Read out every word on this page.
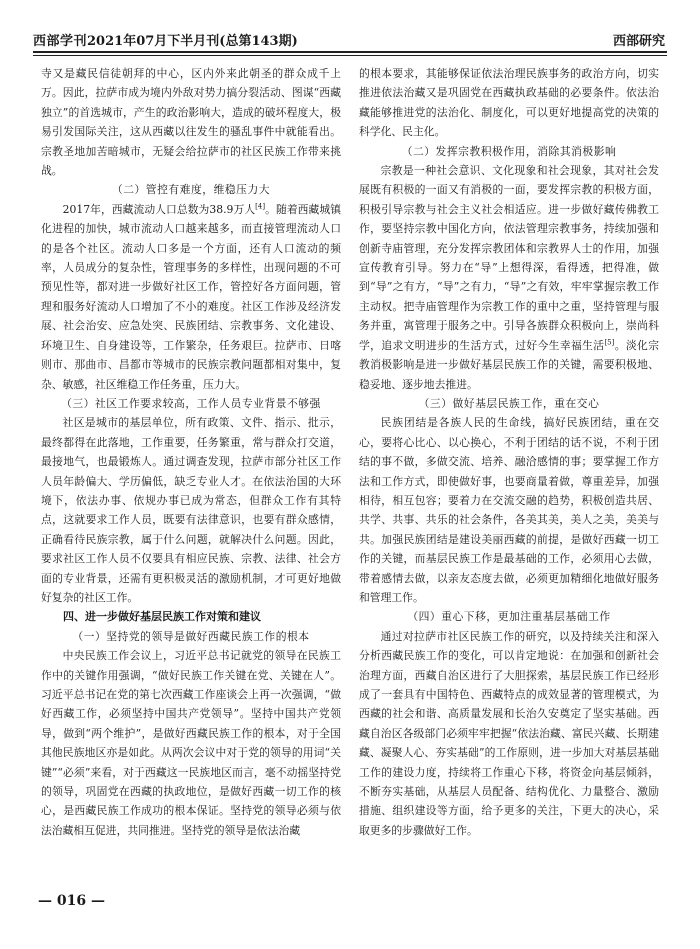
西部学刊2021年07月下半月刊(总第143期)	西部研究

寺又是藏民信徒朝拜的中心，区内外来此朝圣的群众成千上万。因此，拉萨市成为境内外敌对势力搞分裂活动、图谋“西藏独立”的首选城市，产生的政治影响大，造成的破坏程度大，极易引发国际关注，这从西藏以往发生的骚乱事件中就能看出。宗教圣地加苦暗城市，无疑会给拉萨市的社区民族工作带来挑战。

（二）管控有难度，维稳压力大

2017年，西藏流动人口总数为38.9万人[4]。随着西藏城镇化进程的加快，城市流动人口越来越多，而直接管理流动人口的是各个社区。流动人口多是一个方面，还有人口流动的频率，人员成分的复杂性，管理事务的多样性，出现问题的不可预见性等，都对进一步做好社区工作，管控好各方面问题，管理和服务好流动人口增加了不小的难度。社区工作涉及经济发展、社会治安、应急处突、民族团结、宗教事务、文化建设、环境卫生、自身建设等，工作繁杂，任务艰巨。拉萨市、日喀则市、那曲市、昌都市等城市的民族宗教问题都相对集中，复杂、敏感，社区维稳工作任务重，压力大。

（三）社区工作要求较高，工作人员专业背景不够强

社区是城市的基层单位，所有政策、文件、指示、批示，最终都得在此落地，工作重要，任务繁重，常与群众打交道，最接地气，也最锻炼人。通过调查发现，拉萨市部分社区工作人员年龄偏大、学历偏低，缺乏专业人才。在依法治国的大环境下，依法办事、依规办事已成为常态，但群众工作有其特点，这就要求工作人员，既要有法律意识，也要有群众感情，正确看待民族宗教，属于什么问题，就解决什么问题。因此，要求社区工作人员不仅要具有相应民族、宗教、法律、社会方面的专业背景，还需有更积极灵活的激励机制，才可更好地做好复杂的社区工作。

四、进一步做好基层民族工作对策和建议
（一）坚持党的领导是做好西藏民族工作的根本

中央民族工作会议上，习近平总书记就党的领导在民族工作中的关键作用强调，“做好民族工作关键在党、关键在人”。习近平总书记在党的第七次西藏工作座谈会上再一次强调，“做好西藏工作，必须坚持中国共产党领导”。坚持中国共产党领导，做到“两个维护”，是做好西藏民族工作的根本，对于全国其他民族地区亦是如此。从两次会议中对于党的领导的用词“关键”“必须”来看，对于西藏这一民族地区而言，毫不动摇坚持党的领导，巩固党在西藏的执政地位，是做好西藏一切工作的核心，是西藏民族工作成功的根本保证。坚持党的领导必须与依法治藏相互促进，共同推进。坚持党的领导是依法治藏

的根本要求，其能够保证依法治理民族事务的政治方向，切实推进依法治藏又是巩固党在西藏执政基础的必要条件。依法治藏能够推进党的法治化、制度化，可以更好地提高党的决策的科学化、民主化。

（二）发挥宗教积极作用，消除其消极影响

宗教是一种社会意识、文化现象和社会现象，其对社会发展既有积极的一面又有消极的一面，要发挥宗教的积极方面，积极引导宗教与社会主义社会相适应。进一步做好藏传佛教工作，要坚持宗教中国化方向，依法管理宗教事务，持续加强和创新寺庙管理，充分发挥宗教团体和宗教界人士的作用，加强宣传教育引导。努力在“导”上想得深，看得透，把得准，做到“导”之有方，“导”之有力，“导”之有效，牢牢掌握宗教工作主动权。把寺庙管理作为宗教工作的重中之重，坚持管理与服务并重，寓管理于服务之中。引导各族群众积极向上，崇尚科学，追求文明进步的生活方式，过好今生幸福生活[5]。淡化宗教消极影响是进一步做好基层民族工作的关键，需要积极地、稳妥地、逐步地去推进。

（三）做好基层民族工作，重在交心

民族团结是各族人民的生命线，搞好民族团结，重在交心，要将心比心、以心换心，不利于团结的话不说，不利于团结的事不做，多做交流、培养、融洽感情的事；要掌握工作方法和工作方式，即使做好事，也要商量着做，尊重差异，加强相待，相互包容；要着力在交流交融的趋势，积极创造共居、共学、共事、共乐的社会条件，各美其美，美人之美，美美与共。加强民族团结是建设美丽西藏的前提，是做好西藏一切工作的关键，而基层民族工作是最基础的工作，必须用心去做，带着感情去做，以亲友态度去做，必须更加精细化地做好服务和管理工作。

（四）重心下移，更加注重基层基础工作

通过对拉萨市社区民族工作的研究，以及持续关注和深入分析西藏民族工作的变化，可以肯定地说：在加强和创新社会治理方面，西藏自治区进行了大胆探索，基层民族工作已经形成了一套具有中国特色、西藏特点的成效显著的管理模式，为西藏的社会和谐、高质量发展和长治久安奠定了坚实基础。西藏自治区各级部门必须牢牢把握“依法治藏、富民兴藏、长期建藏、凝聚人心、夯实基础”的工作原则，进一步加大对基层基础工作的建设力度，持续将工作重心下移，将资金向基层倾斜，不断夯实基础，从基层人员配备、结构优化、力量整合、激励措施、组织建设等方面，给予更多的关注，下更大的决心，采取更多的步骤做好工作。

— 016 —
